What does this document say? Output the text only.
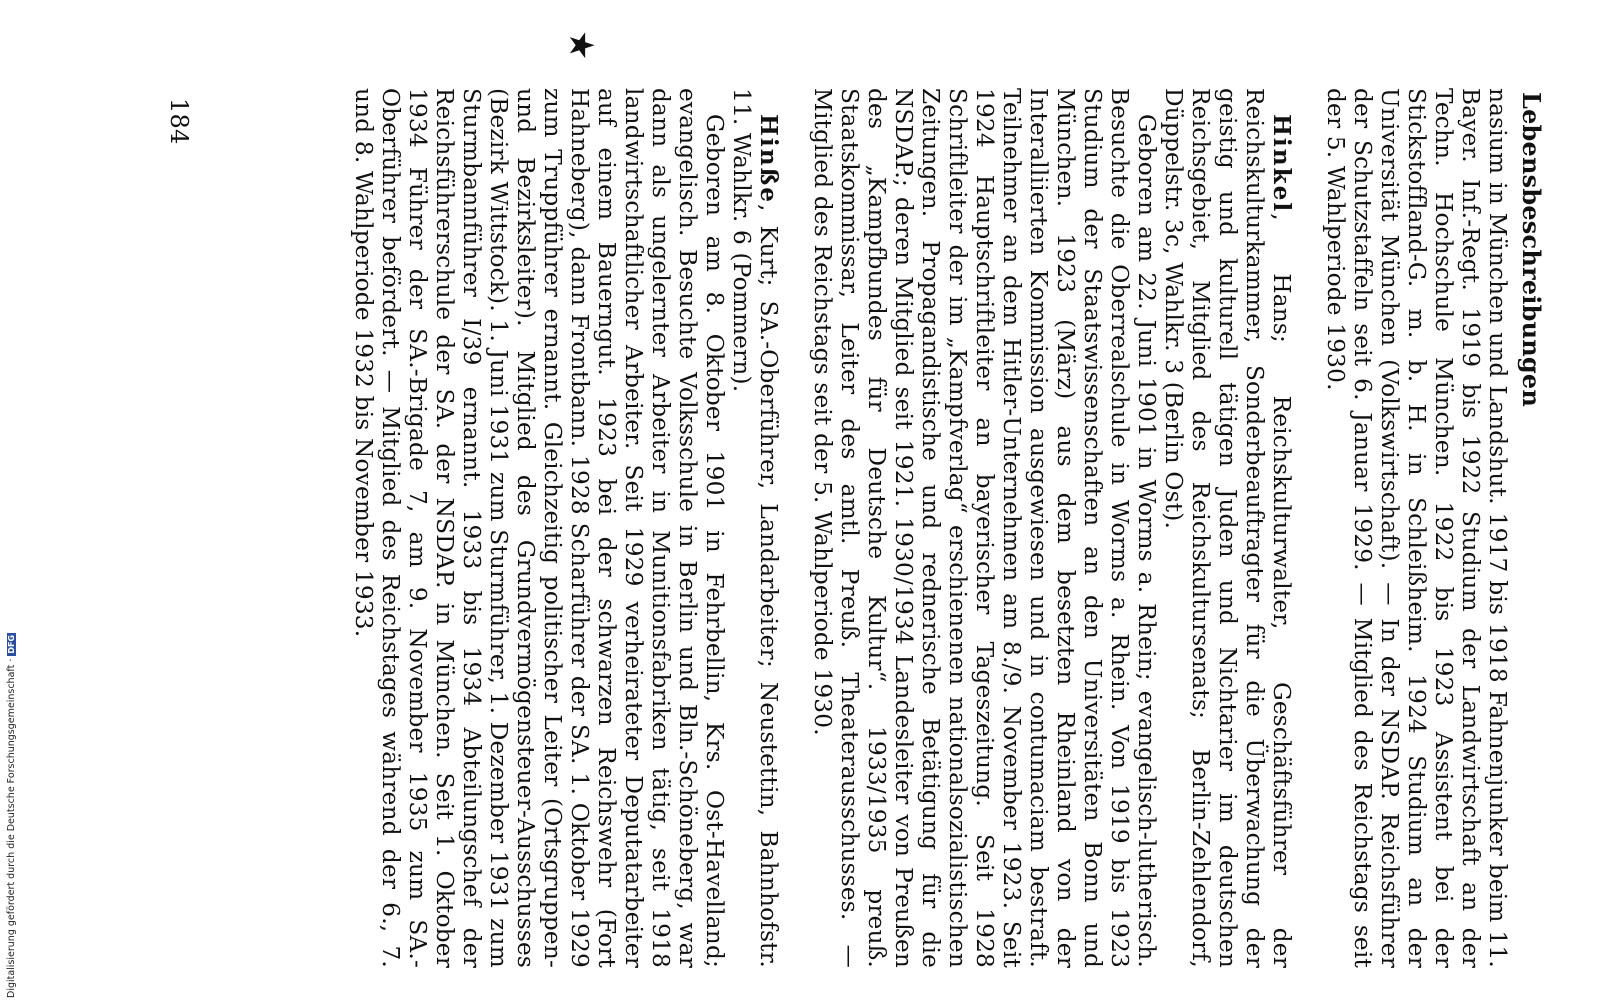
Lebensbeschreibungen

nasium in München und Landshut. 1917 bis 1918 Fahnenjunker beim 11. Bayer. Inf.-Regt. 1919 bis 1922 Studium der Landwirtschaft an der Techn. Hochschule München. 1922 bis 1923 Assistent bei der Stickstoffland-G. m. b. H. in Schleißheim. 1924 Studium an der Universität München (Volkswirtschaft). — In der NSDAP. Reichsführer der Schutzstaffeln seit 6. Januar 1929. — Mitglied des Reichstags seit der 5. Wahlperiode 1930.

Hinkel, Hans; Reichskulturwalter, Geschäftsführer der Reichskulturkammer, Sonderbeauftragter für die Überwachung der geistig und kulturell tätigen Juden und Nichtarier im deutschen Reichsgebiet, Mitglied des Reichskultursenats; Berlin-Zehlendorf, Düppelstr. 3c, Wahlkr. 3 (Berlin Ost).

Geboren am 22. Juni 1901 in Worms a. Rhein; evangelisch-lutherisch. Besuchte die Oberrealschule in Worms a. Rhein. Von 1919 bis 1923 Studium der Staatswissenschaften an den Universitäten Bonn und München. 1923 (März) aus dem besetzten Rheinland von der Interalliierten Kommission ausgewiesen und in contumaciam bestraft. Teilnehmer an dem Hitler-Unternehmen am 8./9. November 1923. Seit 1924 Hauptschriftleiter an bayerischer Tageszeitung. Seit 1928 Schriftleiter der im „Kampfverlag“ erschienenen nationalsozialistischen Zeitungen. Propagandistische und rednerische Betätigung für die NSDAP.; deren Mitglied seit 1921. 1930/1934 Landesleiter von Preußen des „Kampfbundes für Deutsche Kultur“. 1933/1935 preuß. Staatskommissar, Leiter des amtl. Preuß. Theaterausschusses. — Mitglied des Reichstags seit der 5. Wahlperiode 1930.

Hinße, Kurt; SA.-Oberführer, Landarbeiter; Neustettin, Bahnhofstr. 11. Wahlkr. 6 (Pommern).

Geboren am 8. Oktober 1901 in Fehrbellin, Krs. Ost-Havelland; evangelisch. Besuchte Volksschule in Berlin und Bln.-Schöneberg, war dann als ungelernter Arbeiter in Munitionsfabriken tätig, seit 1918 landwirtschaftlicher Arbeiter. Seit 1929 verheirateter Deputatarbeiter auf einem Bauerngut. 1923 bei der schwarzen Reichswehr (Fort Hahneberg), dann Frontbann. 1928 Scharführer der SA. 1. Oktober 1929 zum Truppführer ernannt. Gleichzeitig politischer Leiter (Ortsgruppen- und Bezirksleiter). Mitglied des Grundvermögensteuer-Ausschusses (Bezirk Wittstock). 1. Juni 1931 zum Sturmführer, 1. Dezember 1931 zum Sturmbannführer I/39 ernannt. 1933 bis 1934 Abteilungschef der Reichsführerschule der SA. der NSDAP. in München. Seit 1. Oktober 1934 Führer der SA.-Brigade 7, am 9. November 1935 zum SA.-Oberführer befördert. — Mitglied des Reichstages während der 6., 7. und 8. Wahlperiode 1932 bis November 1933.

★
184
Digitalisierung gefördert durch die Deutsche Forschungsgemeinschaft ·DFG
